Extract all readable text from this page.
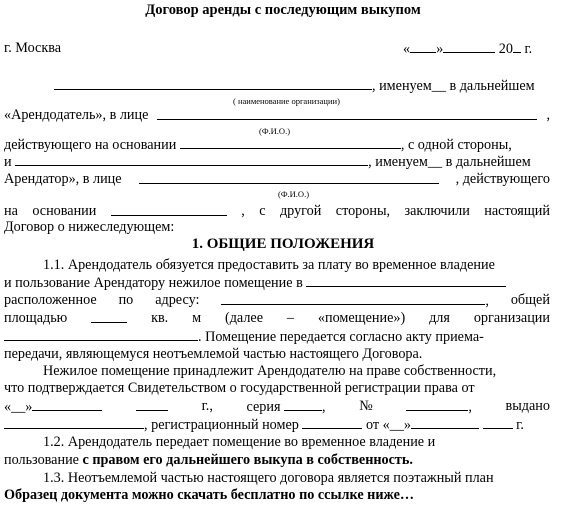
Договор аренды с последующим выкупом
г. Москва	« »	20 г.
, именуем__ в дальнейшем
( наименование организации)
«Арендодатель», в лице	,
(Ф.И.О.)
действующего на основании	, с одной стороны,
и	, именуем__ в дальнейшем
Арендатор», в лице	, действующего
(Ф.И.О.)
на основании	, с другой стороны, заключили настоящий
Договор о нижеследующем:
1. ОБЩИЕ ПОЛОЖЕНИЯ
1.1. Арендодатель обязуется предоставить за плату во временное владение
и пользование Арендатору нежилое помещение в
расположенное по адресу:	, общей
площадью	кв. м (далее – «помещение») для организации
. Помещение передается согласно акту приема-
передачи, являющемуся неотъемлемой частью настоящего Договора.
Нежилое помещение принадлежит Арендодателю на праве собственности,
что подтверждается Свидетельством о государственной регистрации права от
«__»	г., серия	, №	, выдано
, регистрационный номер	от «__»	г.
1.2. Арендодатель передает помещение во временное владение и
пользование с правом его дальнейшего выкупа в собственность.
1.3. Неотъемлемой частью настоящего договора является поэтажный план
Образец документа можно скачать бесплатно по ссылке ниже…
